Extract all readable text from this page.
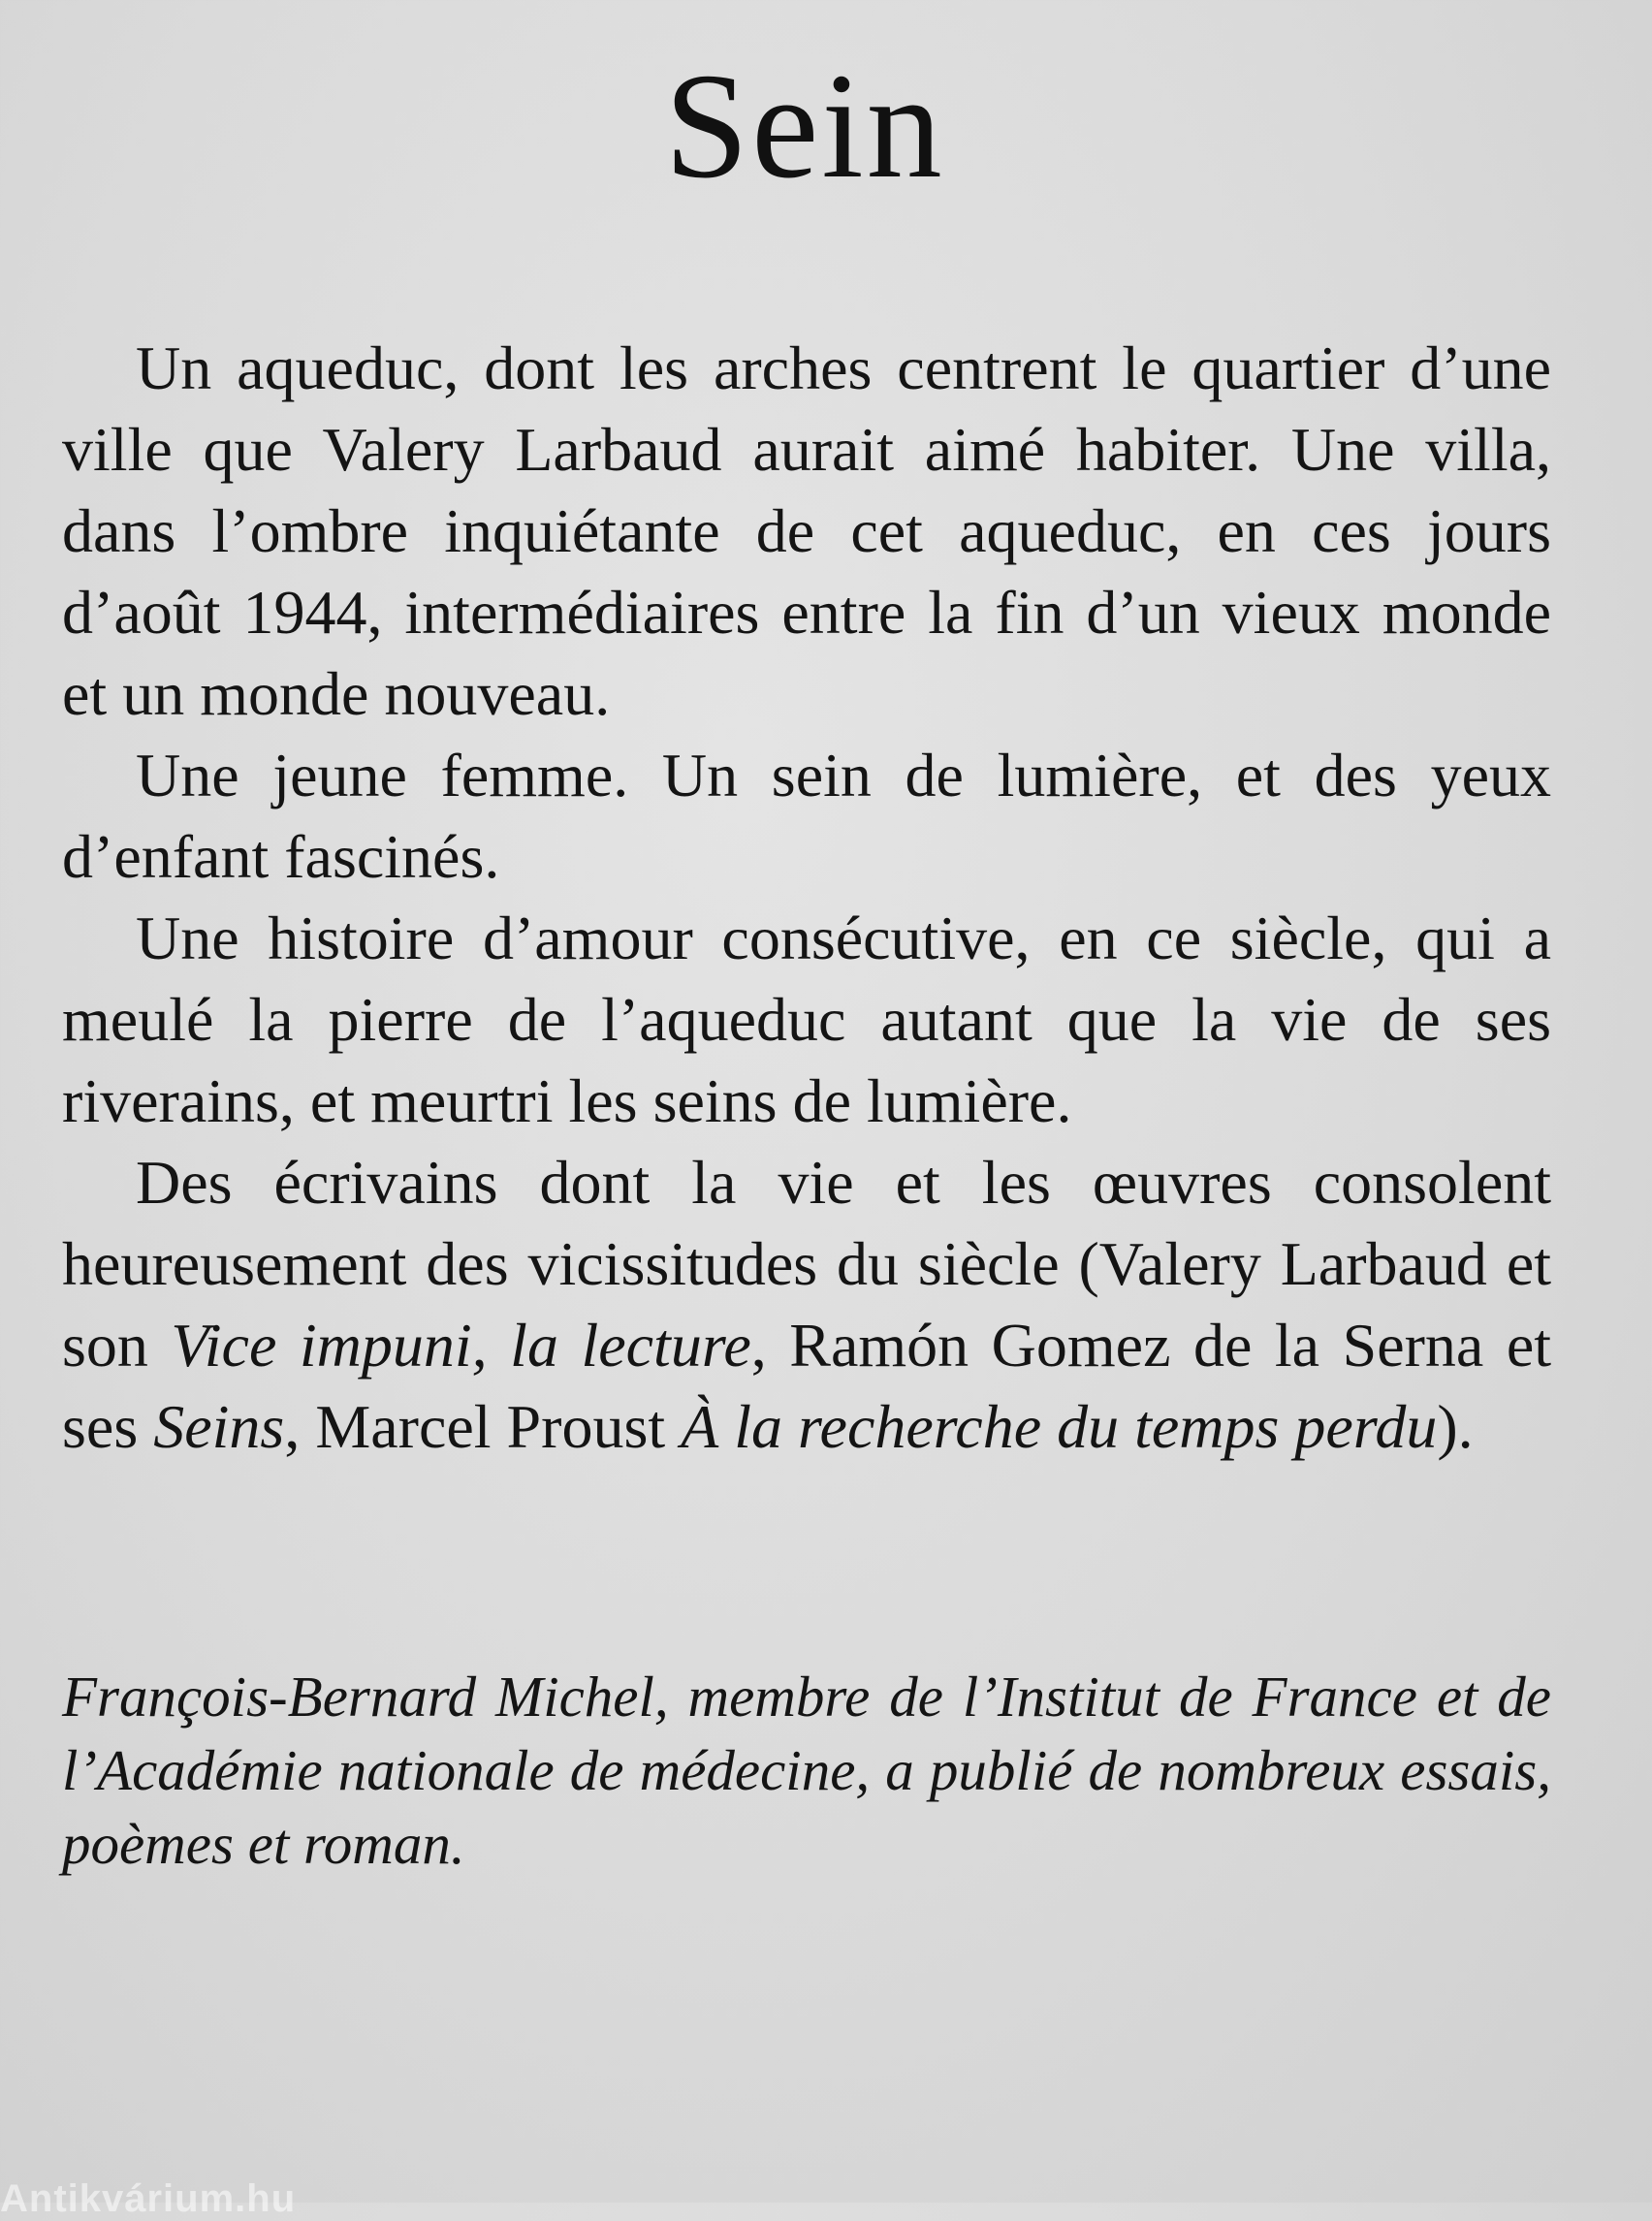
Sein

Un aqueduc, dont les arches centrent le quartier d’une ville que Valery Larbaud aurait aimé habiter. Une villa, dans l’ombre inquiétante de cet aqueduc, en ces jours d’août 1944, intermédiaires entre la fin d’un vieux monde et un monde nouveau.

Une jeune femme. Un sein de lumière, et des yeux d’enfant fascinés.

Une histoire d’amour consécutive, en ce siècle, qui a meulé la pierre de l’aqueduc autant que la vie de ses riverains, et meurtri les seins de lumière.

Des écrivains dont la vie et les œuvres consolent heureusement des vicissitudes du siècle (Valery Larbaud et son Vice impuni, la lecture, Ramón Gomez de la Serna et ses Seins, Marcel Proust À la recherche du temps perdu).

François-Bernard Michel, membre de l’Institut de France et de l’Académie nationale de médecine, a publié de nombreux essais, poèmes et roman.

Antikvárium.hu
